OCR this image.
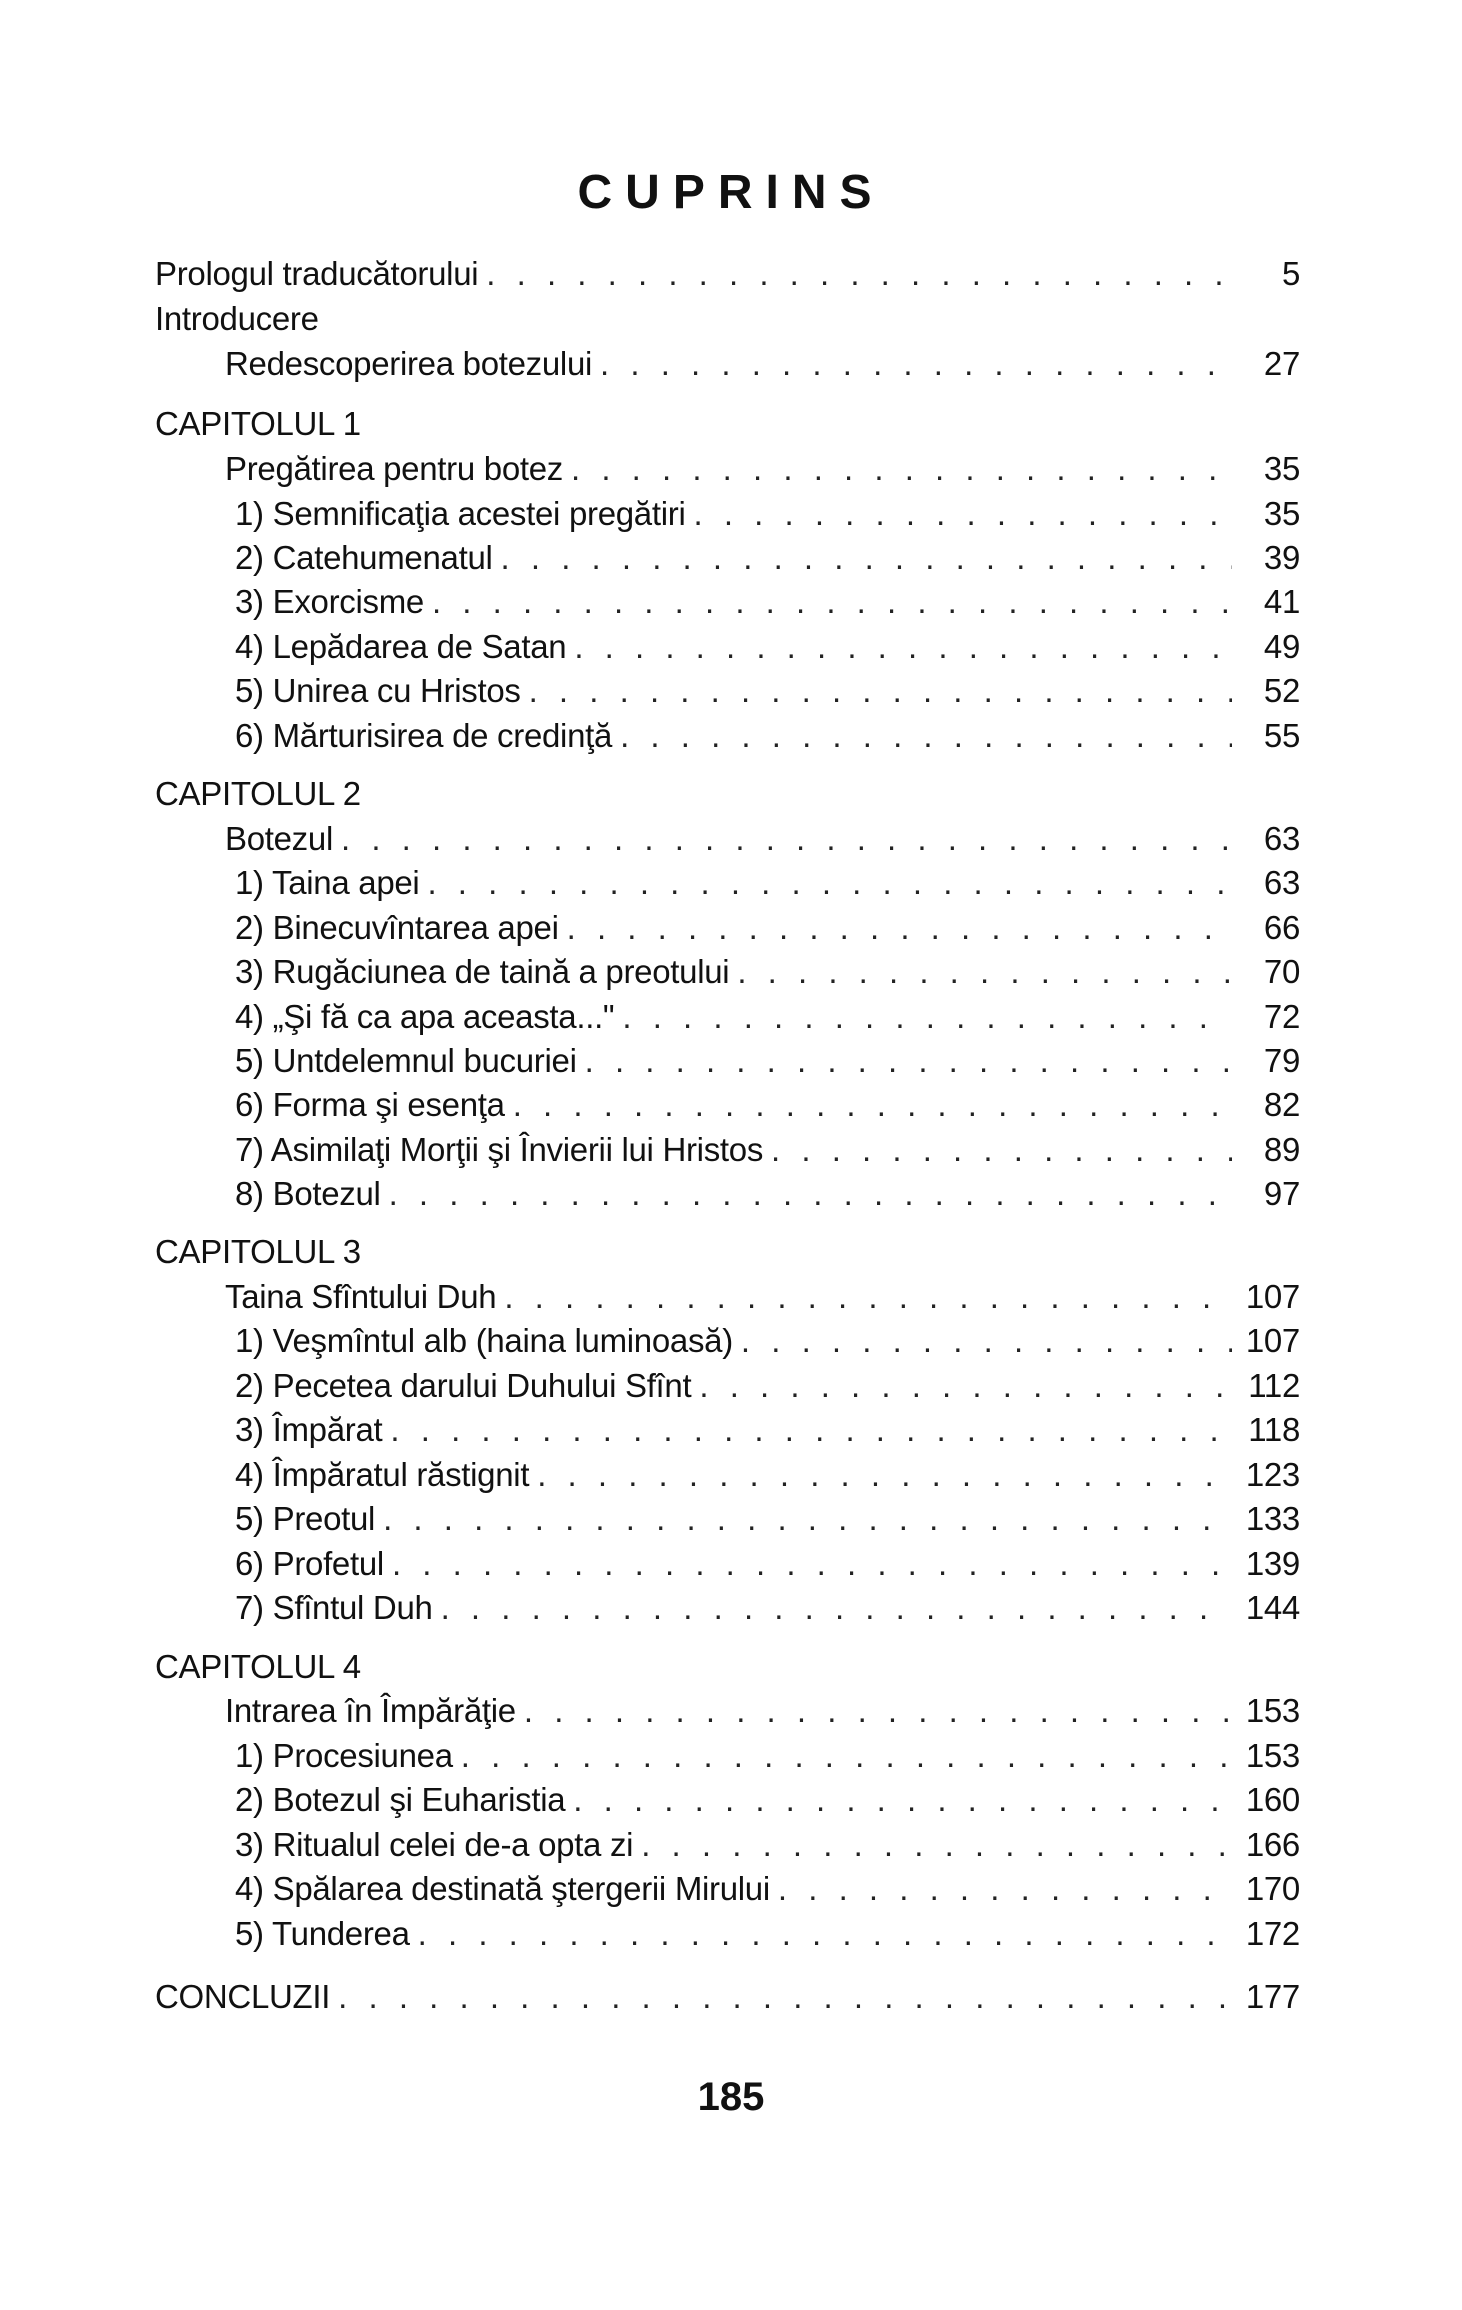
CUPRINS
Prologul traducătorului . . .	5
Introducere
Redescoperirea botezului . . .	27
CAPITOLUL 1
Pregătirea pentru botez . . .	35
1) Semnificaţia acestei pregătiri . . .	35
2) Catehumenatul . . .	39
3) Exorcisme . . .	41
4) Lepădarea de Satan . . .	49
5) Unirea cu Hristos . . .	52
6) Mărturisirea de credinţă . . .	55
CAPITOLUL 2
Botezul . . .	63
1) Taina apei . . .	63
2) Binecuvîntarea apei . . .	66
3) Rugăciunea de taină a preotului . . .	70
4) „Şi fă ca apa aceasta..." . . .	72
5) Untdelemnul bucuriei . . .	79
6) Forma şi esenţa . . .	82
7) Asimilaţi Morţii şi Învierii lui Hristos . . .	89
8) Botezul . . .	97
CAPITOLUL 3
Taina Sfîntului Duh . . .	107
1) Veşmîntul alb (haina luminoasă) . . .	107
2) Pecetea darului Duhului Sfînt . . .	112
3) Împărat . . .	118
4) Împăratul răstignit . . .	123
5) Preotul . . .	133
6) Profetul . . .	139
7) Sfîntul Duh . . .	144
CAPITOLUL 4
Intrarea în Împărăţie . . .	153
1) Procesiunea . . .	153
2) Botezul şi Euharistia . . .	160
3) Ritualul celei de-a opta zi . . .	166
4) Spălarea destinată ştergerii Mirului . . .	170
5) Tunderea . . .	172
CONCLUZII . . .	177
185
